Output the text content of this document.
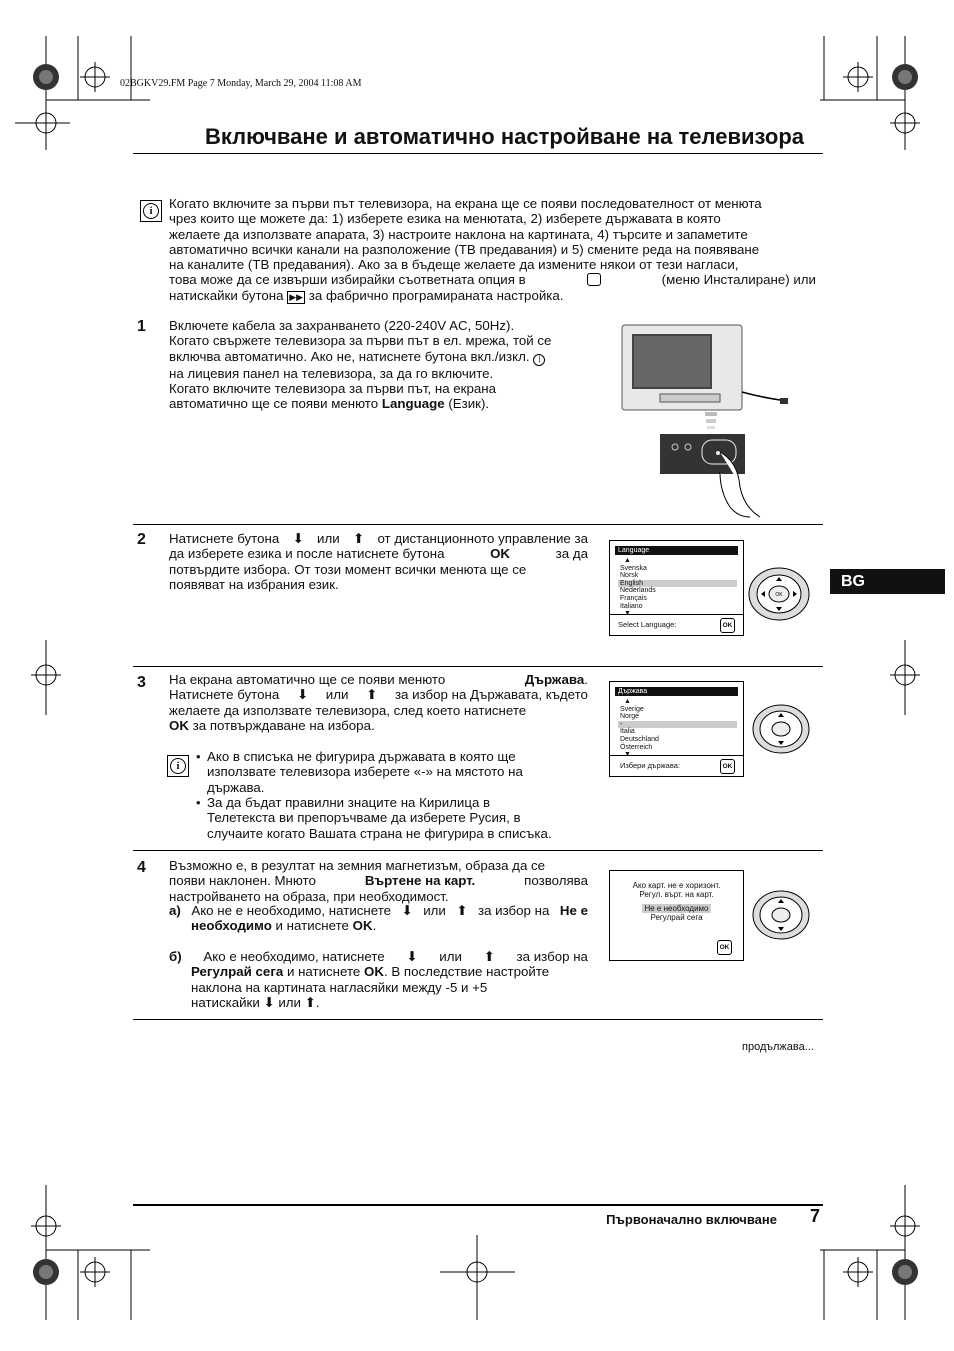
02BGKV29.FM Page 7 Monday, March 29, 2004 11:08 AM
Включване и автоматично настройване на телевизора
i	Когато включите за първи път телевизора, на екрана ще се появи последователност от менюта
чрез които ще можете да: 1) изберете езика на менютата, 2) изберете държавата в която
желаете да използвате апарата, 3) настроите наклона на картината, 4) търсите и запаметите
автоматично всички канали на разположение (ТВ предавания) и 5) смените реда на появяване
на каналите (ТВ предавания). Ако за в бъдеще желаете да измените някои от тези нагласи,
това може да се извърши избирайки съответната опция в	(меню Инсталиране) или
натискайки бутона ▶▶ за фабрично програмираната настройка.
1 Включете кабела за захранването (220-240V AC, 50Hz).
Когато свържете телевизора за първи път в ел. мрежа, той се
включва автоматично. Ако не, натиснете бутона вкл./изкл. |
на лицевия панел на телевизора, за да го включите.
Когато включите телевизора за първи път, на екрана
автоматично ще се появи менюто Language (Език).
2 Натиснете бутона ⬇ или ⬆ от дистанционното управление за
да изберете езика и после натиснете бутона	OK	за да
потвърдите избора. От този момент всички менюта ще се
появяват на избрания език.
Language
▲
Svenska
Norsk
English
Nederlands
Français
Italiano
▼
Select Language:	OK
3 На екрана автоматично ще се появи менюто	Държава.
Натиснете бутона ⬇ или ⬆ за избор на Държавата, където
желаете да използвате телевизора, след което натиснете
OK за потвърждаване на избора.
i
• Ако в списъка не фигурира държавата в която ще
използвате телевизора изберете «-» на мястото на
държава.
• За да бъдат правилни знаците на Кирилица в
Телетекста ви препоръчваме да изберете Русия, в
случаите когато Вашата страна не фигурира в списъка.
Държава
▲
Sverige
Norge
-
Italia
Deutschland
Österreich
▼
Избери държава:	OK
4 Възможно е, в резултат на земния магнетизъм, образа да се
появи наклонен. Мнюто	Въртене на карт.	позволява
настройването на образа, при необходимост.
а) Ако не е необходимо, натиснете ⬇ или ⬆ за избор на Не е
необходимо и натиснете OK.
б) Ако е необходимо, натиснете ⬇ или ⬆ за избор на
Регулрай сега и натиснете OK. В последствие настройте
наклона на картината нагласяйки между -5 и +5
натискайки ⬇ или ⬆.
Ако карт. не е хоризонт.
Регул. върт. на карт.
Не е необходимо
Регулрай сега
OK
OK
BG
продължава...
Първоначално включване 7
